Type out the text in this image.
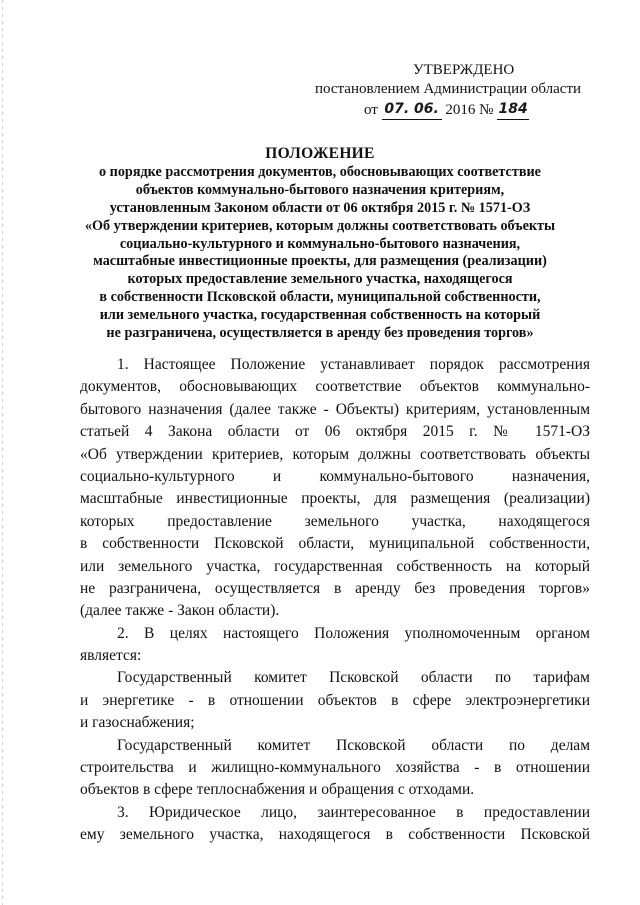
УТВЕРЖДЕНО
постановлением Администрации области
от 07. 06. 2016 № 184
ПОЛОЖЕНИЕ
о порядке рассмотрения документов, обосновывающих соответствие
объектов коммунально-бытового назначения критериям,
установленным Законом области от 06 октября 2015 г. № 1571-ОЗ
«Об утверждении критериев, которым должны соответствовать объекты
социально-культурного и коммунально-бытового назначения,
масштабные инвестиционные проекты, для размещения (реализации)
которых предоставление земельного участка, находящегося
в собственности Псковской области, муниципальной собственности,
или земельного участка, государственная собственность на который
не разграничена, осуществляется в аренду без проведения торгов»
1. Настоящее Положение устанавливает порядок рассмотрения
документов, обосновывающих соответствие объектов коммунально-
бытового назначения (далее также - Объекты) критериям, установленным
статьей 4 Закона области от 06 октября 2015 г. № 1571-ОЗ
«Об утверждении критериев, которым должны соответствовать объекты
социально-культурного и коммунально-бытового назначения,
масштабные инвестиционные проекты, для размещения (реализации)
которых предоставление земельного участка, находящегося
в собственности Псковской области, муниципальной собственности,
или земельного участка, государственная собственность на который
не разграничена, осуществляется в аренду без проведения торгов»
(далее также - Закон области).
2. В целях настоящего Положения уполномоченным органом
является:
Государственный комитет Псковской области по тарифам
и энергетике - в отношении объектов в сфере электроэнергетики
и газоснабжения;
Государственный комитет Псковской области по делам
строительства и жилищно-коммунального хозяйства - в отношении
объектов в сфере теплоснабжения и обращения с отходами.
3. Юридическое лицо, заинтересованное в предоставлении
ему земельного участка, находящегося в собственности Псковской
